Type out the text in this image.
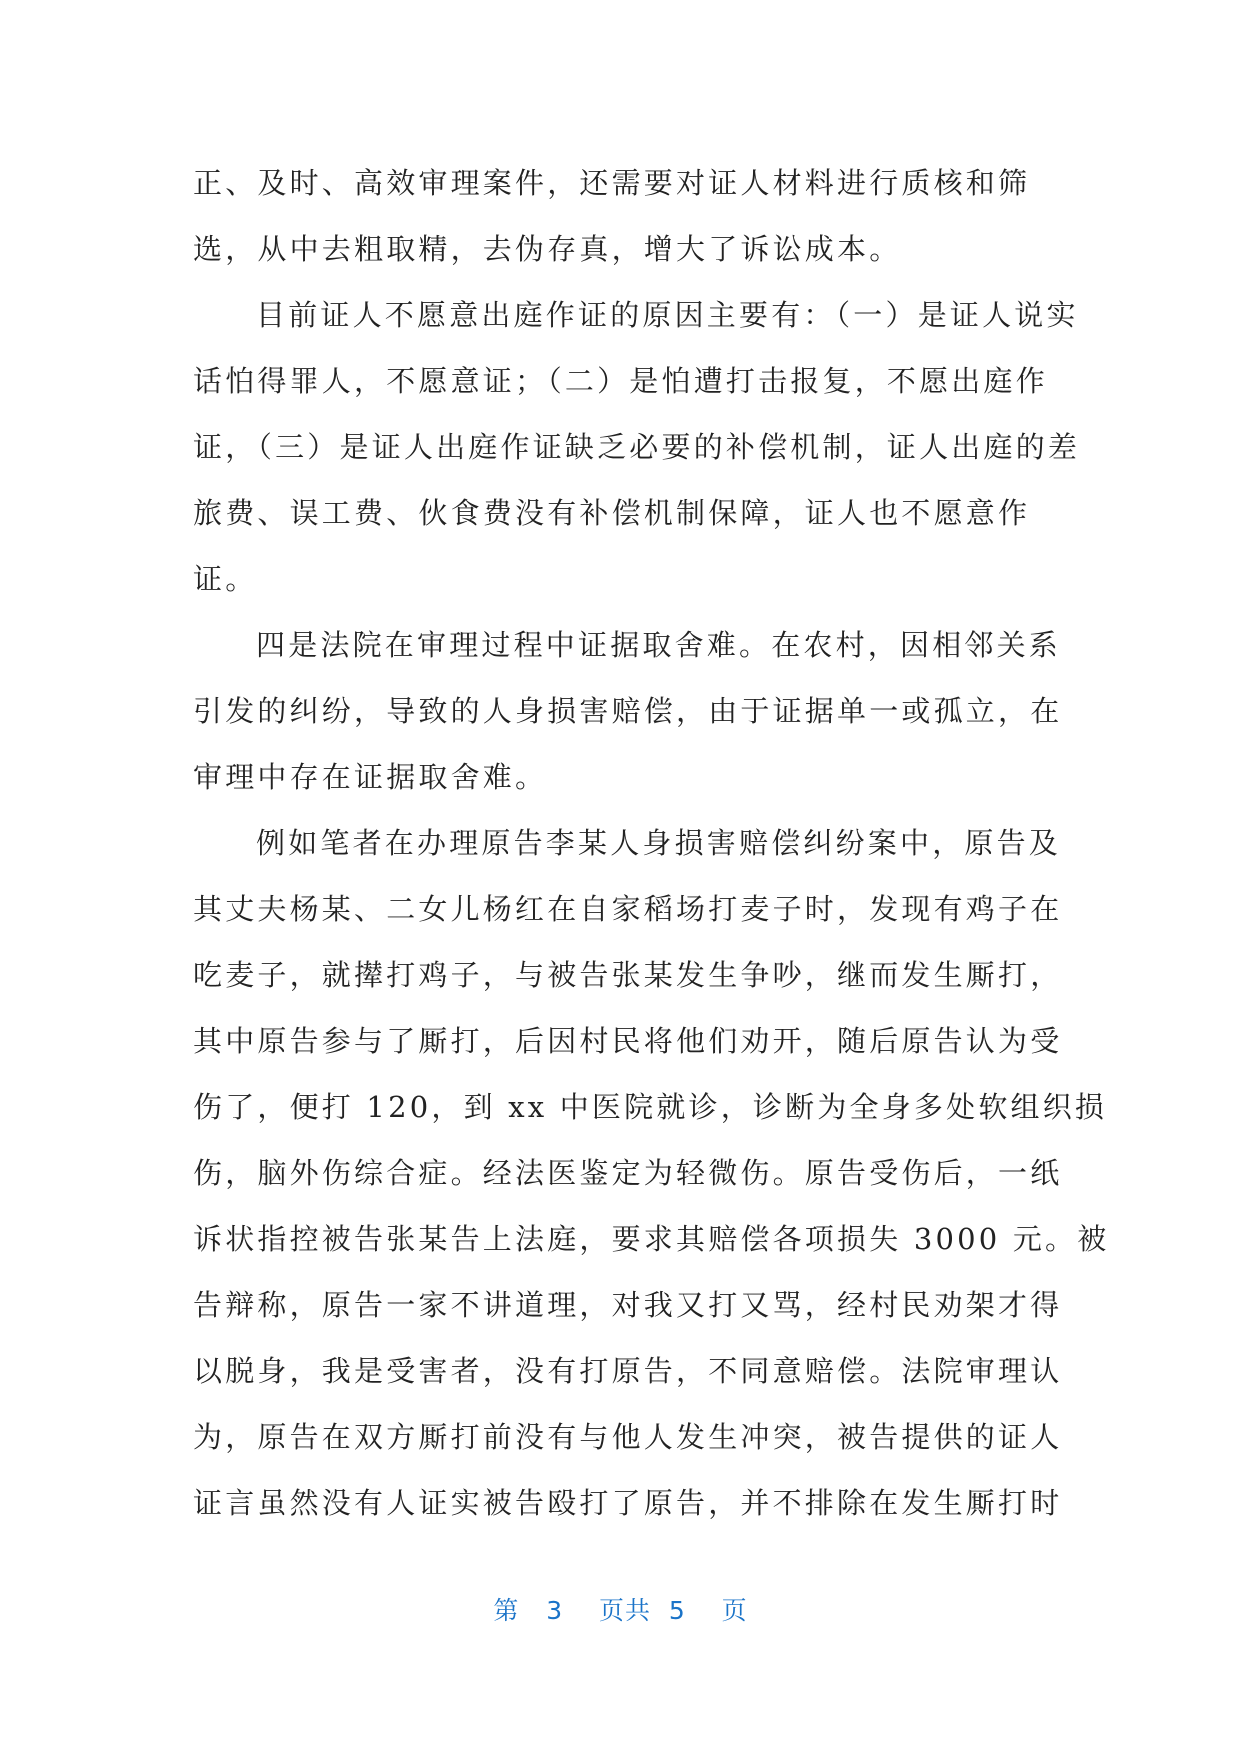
正、及时、高效审理案件，还需要对证人材料进行质核和筛
选，从中去粗取精，去伪存真，增大了诉讼成本。
目前证人不愿意出庭作证的原因主要有：（一）是证人说实
话怕得罪人，不愿意证；（二）是怕遭打击报复，不愿出庭作
证，（三）是证人出庭作证缺乏必要的补偿机制，证人出庭的差
旅费、误工费、伙食费没有补偿机制保障，证人也不愿意作
证。
四是法院在审理过程中证据取舍难。在农村，因相邻关系
引发的纠纷，导致的人身损害赔偿，由于证据单一或孤立，在
审理中存在证据取舍难。
例如笔者在办理原告李某人身损害赔偿纠纷案中，原告及
其丈夫杨某、二女儿杨红在自家稻场打麦子时，发现有鸡子在
吃麦子，就撵打鸡子，与被告张某发生争吵，继而发生厮打，
其中原告参与了厮打，后因村民将他们劝开，随后原告认为受
伤了，便打 120，到 xx 中医院就诊，诊断为全身多处软组织损
伤，脑外伤综合症。经法医鉴定为轻微伤。原告受伤后，一纸
诉状指控被告张某告上法庭，要求其赔偿各项损失 3000 元。被
告辩称，原告一家不讲道理，对我又打又骂，经村民劝架才得
以脱身，我是受害者，没有打原告，不同意赔偿。法院审理认
为，原告在双方厮打前没有与他人发生冲突，被告提供的证人
证言虽然没有人证实被告殴打了原告，并不排除在发生厮打时
第 3 页共 5 页
